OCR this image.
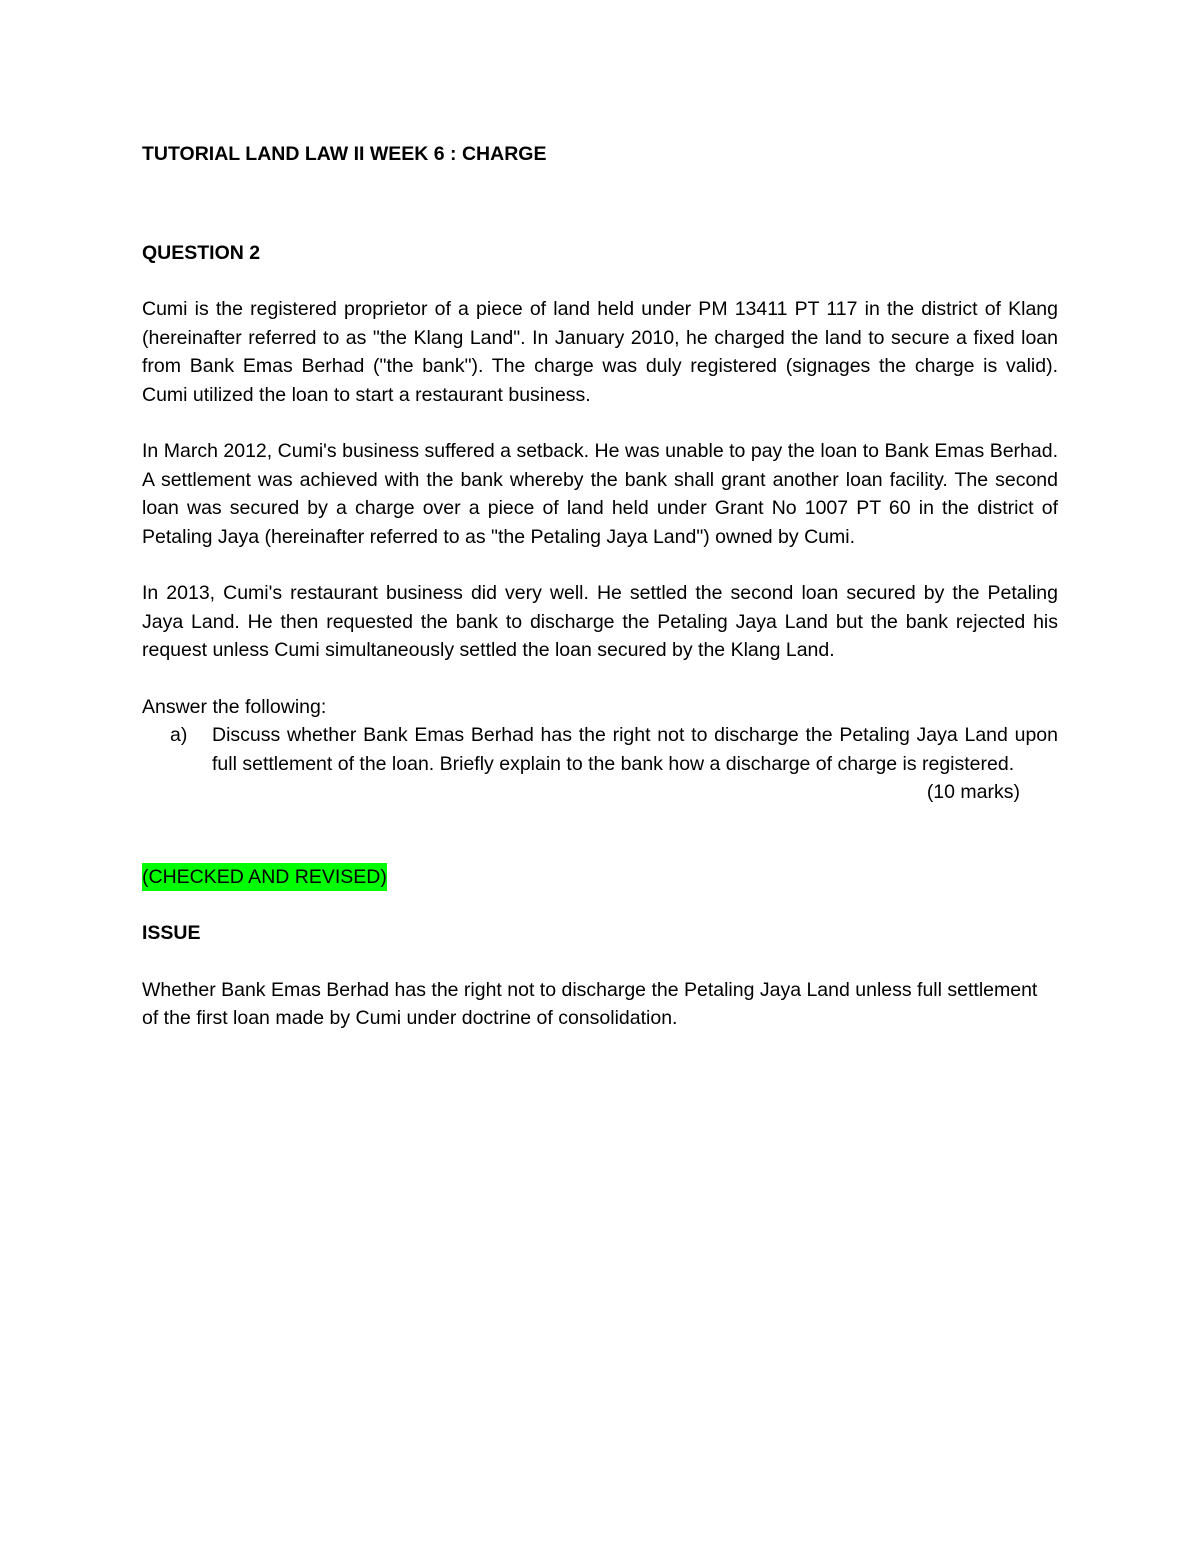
TUTORIAL LAND LAW II WEEK 6 : CHARGE

QUESTION 2

Cumi is the registered proprietor of a piece of land held under PM 13411 PT 117 in the district of Klang (hereinafter referred to as "the Klang Land". In January 2010, he charged the land to secure a fixed loan from Bank Emas Berhad ("the bank"). The charge was duly registered (signages the charge is valid). Cumi utilized the loan to start a restaurant business.

In March 2012, Cumi's business suffered a setback. He was unable to pay the loan to Bank Emas Berhad. A settlement was achieved with the bank whereby the bank shall grant another loan facility. The second loan was secured by a charge over a piece of land held under Grant No 1007 PT 60 in the district of Petaling Jaya (hereinafter referred to as "the Petaling Jaya Land") owned by Cumi.

In 2013, Cumi's restaurant business did very well. He settled the second loan secured by the Petaling Jaya Land. He then requested the bank to discharge the Petaling Jaya Land but the bank rejected his request unless Cumi simultaneously settled the loan secured by the Klang Land.

Answer the following:

a)	Discuss whether Bank Emas Berhad has the right not to discharge the Petaling Jaya Land upon full settlement of the loan. Briefly explain to the bank how a discharge of charge is registered.
(10 marks)
(CHECKED AND REVISED)

ISSUE

Whether Bank Emas Berhad has the right not to discharge the Petaling Jaya Land unless full settlement of the first loan made by Cumi under doctrine of consolidation.
